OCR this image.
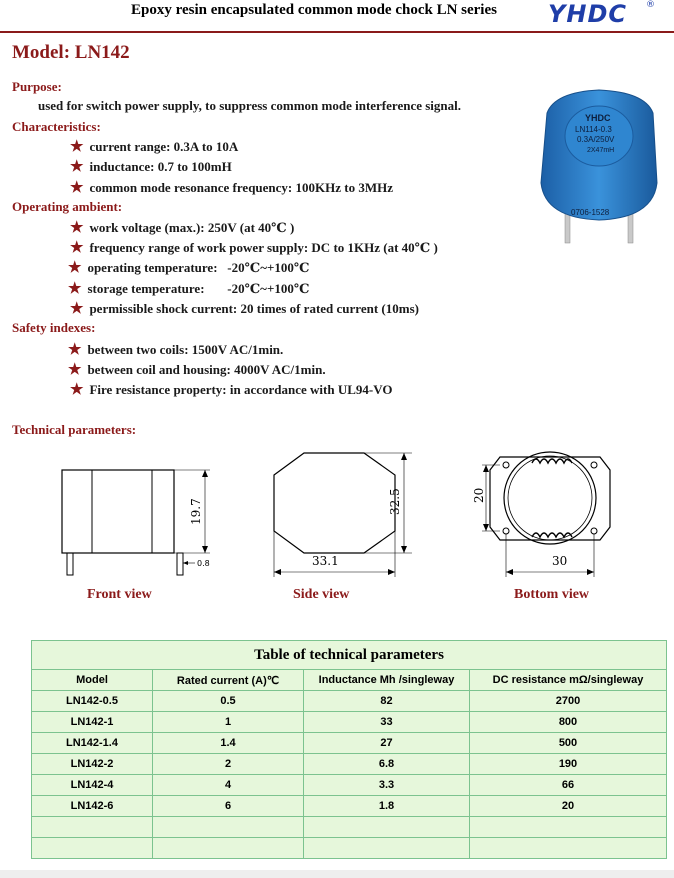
Epoxy resin encapsulated common mode chock LN series	YHDC ®
Model: LN142
Purpose:
used for switch power supply, to suppress common mode interference signal.
Characteristics:
★ current range: 0.3A to 10A
★ inductance: 0.7 to 100mH
★ common mode resonance frequency: 100KHz to 3MHz
Operating ambient:
★ work voltage (max.): 250V (at 40℃ )
★ frequency range of work power supply: DC to 1KHz (at 40℃ )
★ operating temperature:   -20℃~+100℃
★ storage temperature:       -20℃~+100℃
★ permissible shock current: 20 times of rated current (10ms)
Safety indexes:
★ between two coils: 1500V AC/1min.
★ between coil and housing: 4000V AC/1min.
★ Fire resistance property: in accordance with UL94-VO
YHDC
LN114-0.3
0.3A/250V
2X47mH
0706-1528
Technical parameters:
19.7
0.8
Front view
32.5
33.1
Side view
20
30
Bottom view
Table of technical parameters			
Model	Rated current (A)℃	Inductance Mh /singleway	DC resistance mΩ/singleway
LN142-0.5	0.5	82	2700
LN142-1	1	33	800
LN142-1.4	1.4	27	500
LN142-2	2	6.8	190
LN142-4	4	3.3	66
LN142-6	6	1.8	20
